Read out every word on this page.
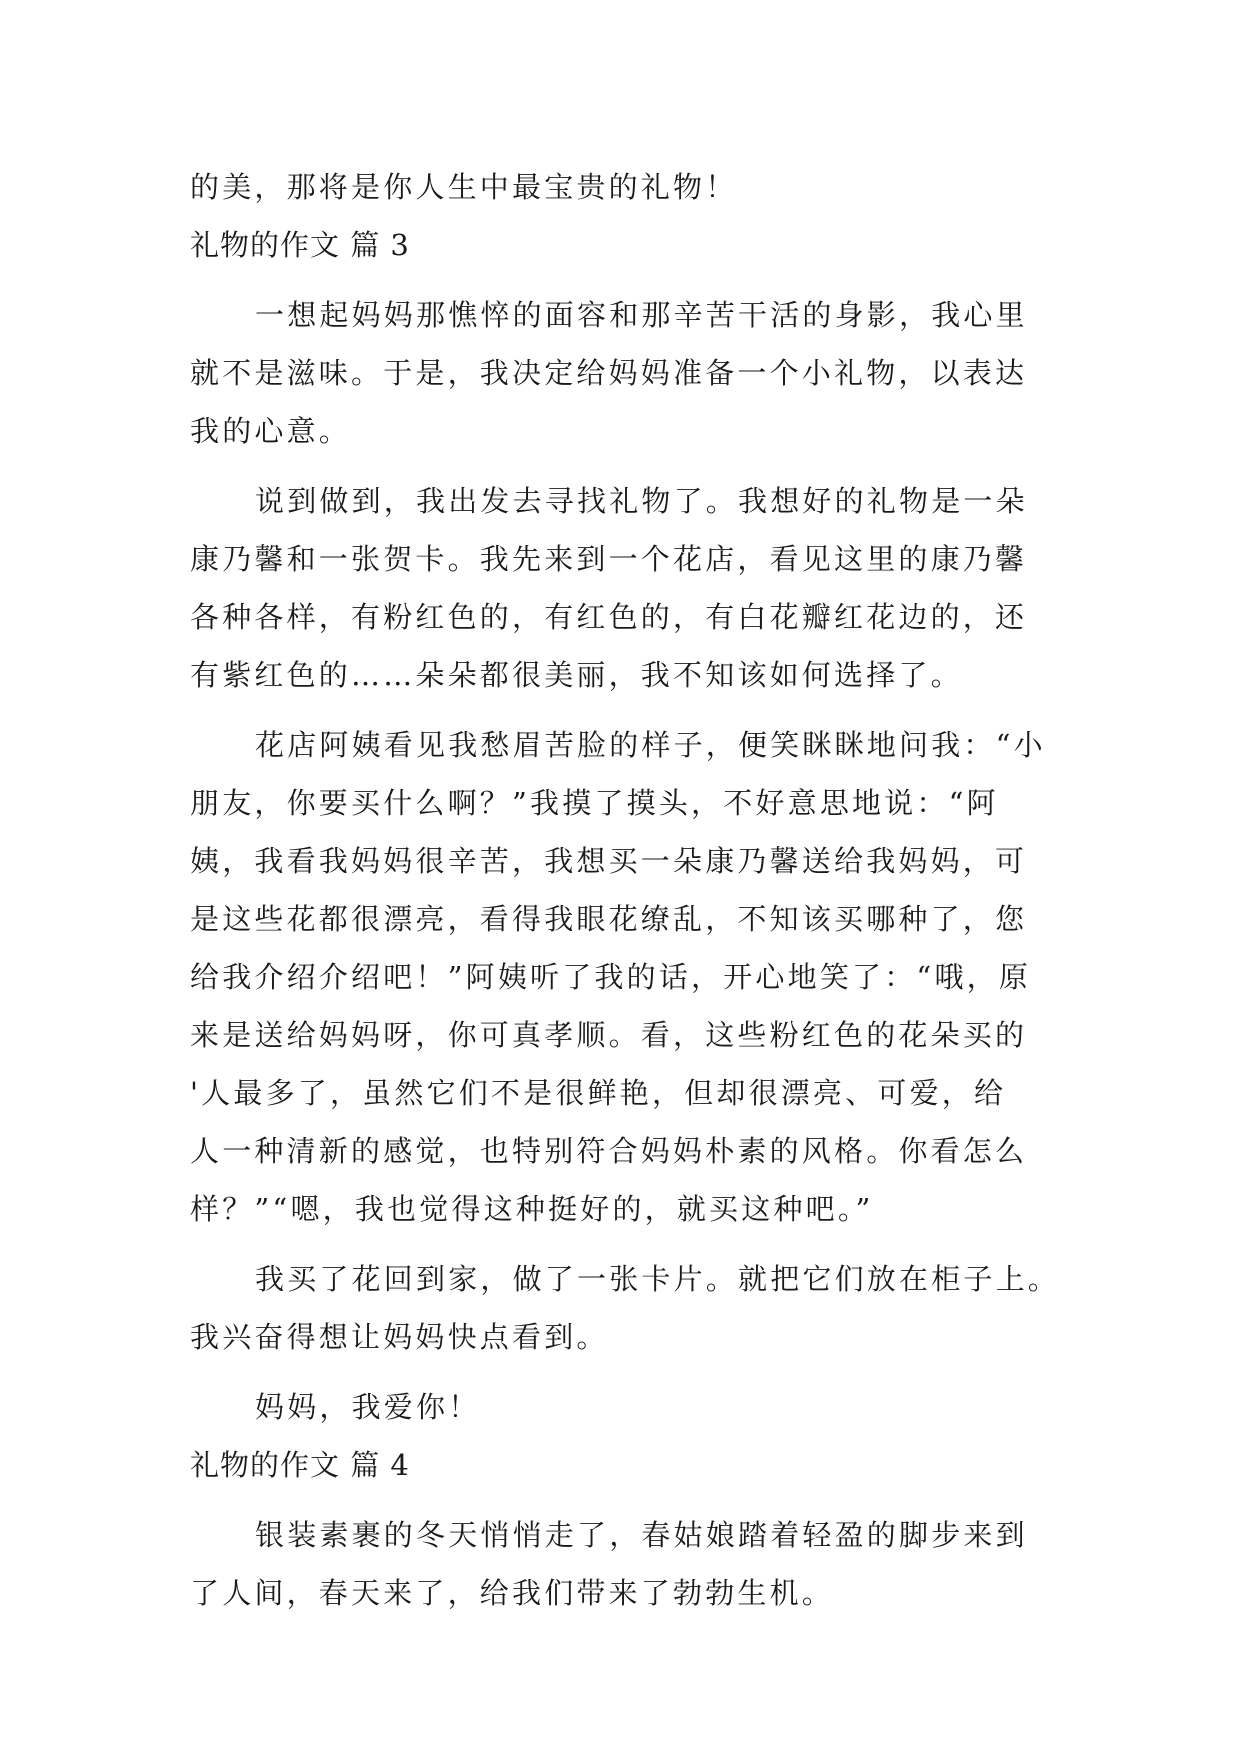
的美，那将是你人生中最宝贵的礼物！
礼物的作文 篇 3
一想起妈妈那憔悴的面容和那辛苦干活的身影，我心里
就不是滋味。于是，我决定给妈妈准备一个小礼物，以表达
我的心意。
说到做到，我出发去寻找礼物了。我想好的礼物是一朵
康乃馨和一张贺卡。我先来到一个花店，看见这里的康乃馨
各种各样，有粉红色的，有红色的，有白花瓣红花边的，还
有紫红色的……朵朵都很美丽，我不知该如何选择了。
花店阿姨看见我愁眉苦脸的样子，便笑眯眯地问我：“小
朋友，你要买什么啊？”我摸了摸头，不好意思地说：“阿
姨，我看我妈妈很辛苦，我想买一朵康乃馨送给我妈妈，可
是这些花都很漂亮，看得我眼花缭乱，不知该买哪种了，您
给我介绍介绍吧！”阿姨听了我的话，开心地笑了：“哦，原
来是送给妈妈呀，你可真孝顺。看，这些粉红色的花朵买的
'人最多了，虽然它们不是很鲜艳，但却很漂亮、可爱，给
人一种清新的感觉，也特别符合妈妈朴素的风格。你看怎么
样？”“嗯，我也觉得这种挺好的，就买这种吧。”
我买了花回到家，做了一张卡片。就把它们放在柜子上。
我兴奋得想让妈妈快点看到。
妈妈，我爱你！
礼物的作文 篇 4
银装素裹的冬天悄悄走了，春姑娘踏着轻盈的脚步来到
了人间，春天来了，给我们带来了勃勃生机。
